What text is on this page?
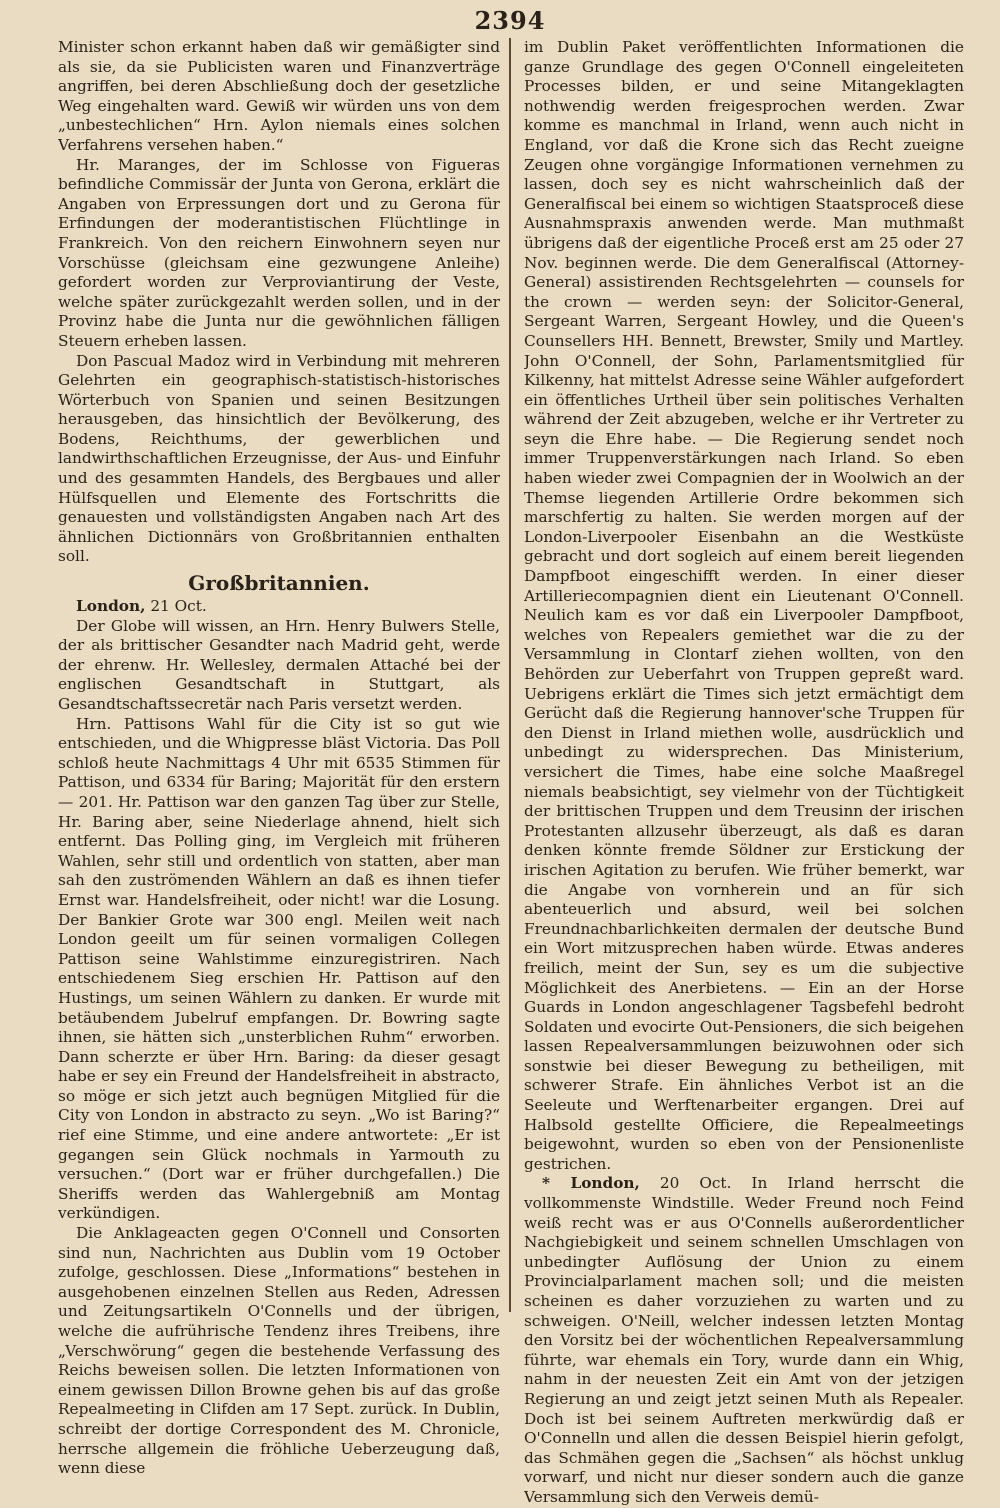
2394

Minister schon erkannt haben daß wir gemäßigter sind als sie, da sie Publicisten waren und Finanzverträge angriffen, bei deren Abschließung doch der gesetzliche Weg eingehalten ward. Gewiß wir würden uns von dem „unbestechlichen“ Hrn. Aylon niemals eines solchen Verfahrens versehen haben.“

Hr. Maranges, der im Schlosse von Figueras befindliche Commissär der Junta von Gerona, erklärt die Angaben von Erpressungen dort und zu Gerona für Erfindungen der moderantistischen Flüchtlinge in Frankreich. Von den reichern Einwohnern seyen nur Vorschüsse (gleichsam eine gezwungene Anleihe) gefordert worden zur Verproviantirung der Veste, welche später zurückgezahlt werden sollen, und in der Provinz habe die Junta nur die gewöhnlichen fälligen Steuern erheben lassen.

Don Pascual Madoz wird in Verbindung mit mehreren Gelehrten ein geographisch-statistisch-historisches Wörterbuch von Spanien und seinen Besitzungen herausgeben, das hinsichtlich der Bevölkerung, des Bodens, Reichthums, der gewerblichen und landwirthschaftlichen Erzeugnisse, der Aus- und Einfuhr und des gesammten Handels, des Bergbaues und aller Hülfsquellen und Elemente des Fortschritts die genauesten und vollständigsten Angaben nach Art des ähnlichen Dictionnärs von Großbritannien enthalten soll.

Großbritannien.

London, 21 Oct.

Der Globe will wissen, an Hrn. Henry Bulwers Stelle, der als brittischer Gesandter nach Madrid geht, werde der ehrenw. Hr. Wellesley, dermalen Attaché bei der englischen Gesandtschaft in Stuttgart, als Gesandtschaftssecretär nach Paris versetzt werden.

Hrn. Pattisons Wahl für die City ist so gut wie entschieden, und die Whigpresse bläst Victoria. Das Poll schloß heute Nachmittags 4 Uhr mit 6535 Stimmen für Pattison, und 6334 für Baring; Majorität für den erstern — 201. Hr. Pattison war den ganzen Tag über zur Stelle, Hr. Baring aber, seine Niederlage ahnend, hielt sich entfernt. Das Polling ging, im Vergleich mit früheren Wahlen, sehr still und ordentlich von statten, aber man sah den zuströmenden Wählern an daß es ihnen tiefer Ernst war. Handelsfreiheit, oder nicht! war die Losung. Der Bankier Grote war 300 engl. Meilen weit nach London geeilt um für seinen vormaligen Collegen Pattison seine Wahlstimme einzuregistriren. Nach entschiedenem Sieg erschien Hr. Pattison auf den Hustings, um seinen Wählern zu danken. Er wurde mit betäubendem Jubelruf empfangen. Dr. Bowring sagte ihnen, sie hätten sich „unsterblichen Ruhm“ erworben. Dann scherzte er über Hrn. Baring: da dieser gesagt habe er sey ein Freund der Handelsfreiheit in abstracto, so möge er sich jetzt auch begnügen Mitglied für die City von London in abstracto zu seyn. „Wo ist Baring?“ rief eine Stimme, und eine andere antwortete: „Er ist gegangen sein Glück nochmals in Yarmouth zu versuchen.“ (Dort war er früher durchgefallen.) Die Sheriffs werden das Wahlergebniß am Montag verkündigen.

Die Anklageacten gegen O'Connell und Consorten sind nun, Nachrichten aus Dublin vom 19 October zufolge, geschlossen. Diese „Informations“ bestehen in ausgehobenen einzelnen Stellen aus Reden, Adressen und Zeitungsartikeln O'Connells und der übrigen, welche die aufrührische Tendenz ihres Treibens, ihre „Verschwörung“ gegen die bestehende Verfassung des Reichs beweisen sollen. Die letzten Informationen von einem gewissen Dillon Browne gehen bis auf das große Repealmeeting in Clifden am 17 Sept. zurück. In Dublin, schreibt der dortige Correspondent des M. Chronicle, herrsche allgemein die fröhliche Ueberzeugung daß, wenn diese

im Dublin Paket veröffentlichten Informationen die ganze Grundlage des gegen O'Connell eingeleiteten Processes bilden, er und seine Mitangeklagten nothwendig werden freigesprochen werden. Zwar komme es manchmal in Irland, wenn auch nicht in England, vor daß die Krone sich das Recht zueigne Zeugen ohne vorgängige Informationen vernehmen zu lassen, doch sey es nicht wahrscheinlich daß der Generalfiscal bei einem so wichtigen Staatsproceß diese Ausnahmspraxis anwenden werde. Man muthmaßt übrigens daß der eigentliche Proceß erst am 25 oder 27 Nov. beginnen werde. Die dem Generalfiscal (Attorney-General) assistirenden Rechtsgelehrten — counsels for the crown — werden seyn: der Solicitor-General, Sergeant Warren, Sergeant Howley, und die Queen's Counsellers HH. Bennett, Brewster, Smily und Martley. John O'Connell, der Sohn, Parlamentsmitglied für Kilkenny, hat mittelst Adresse seine Wähler aufgefordert ein öffentliches Urtheil über sein politisches Verhalten während der Zeit abzugeben, welche er ihr Vertreter zu seyn die Ehre habe. — Die Regierung sendet noch immer Truppenverstärkungen nach Irland. So eben haben wieder zwei Compagnien der in Woolwich an der Themse liegenden Artillerie Ordre bekommen sich marschfertig zu halten. Sie werden morgen auf der London-Liverpooler Eisenbahn an die Westküste gebracht und dort sogleich auf einem bereit liegenden Dampfboot eingeschifft werden. In einer dieser Artilleriecompagnien dient ein Lieutenant O'Connell. Neulich kam es vor daß ein Liverpooler Dampfboot, welches von Repealers gemiethet war die zu der Versammlung in Clontarf ziehen wollten, von den Behörden zur Ueberfahrt von Truppen gepreßt ward. Uebrigens erklärt die Times sich jetzt ermächtigt dem Gerücht daß die Regierung hannover'sche Truppen für den Dienst in Irland miethen wolle, ausdrücklich und unbedingt zu widersprechen. Das Ministerium, versichert die Times, habe eine solche Maaßregel niemals beabsichtigt, sey vielmehr von der Tüchtigkeit der brittischen Truppen und dem Treusinn der irischen Protestanten allzusehr überzeugt, als daß es daran denken könnte fremde Söldner zur Erstickung der irischen Agitation zu berufen. Wie früher bemerkt, war die Angabe von vornherein und an für sich abenteuerlich und absurd, weil bei solchen Freundnachbarlichkeiten dermalen der deutsche Bund ein Wort mitzusprechen haben würde. Etwas anderes freilich, meint der Sun, sey es um die subjective Möglichkeit des Anerbietens. — Ein an der Horse Guards in London angeschlagener Tagsbefehl bedroht Soldaten und evocirte Out-Pensioners, die sich beigehen lassen Repealversammlungen beizuwohnen oder sich sonstwie bei dieser Bewegung zu betheiligen, mit schwerer Strafe. Ein ähnliches Verbot ist an die Seeleute und Werftenarbeiter ergangen. Drei auf Halbsold gestellte Officiere, die Repealmeetings beigewohnt, wurden so eben von der Pensionenliste gestrichen.

* London, 20 Oct. In Irland herrscht die vollkommenste Windstille. Weder Freund noch Feind weiß recht was er aus O'Connells außerordentlicher Nachgiebigkeit und seinem schnellen Umschlagen von unbedingter Auflösung der Union zu einem Provincialparlament machen soll; und die meisten scheinen es daher vorzuziehen zu warten und zu schweigen. O'Neill, welcher indessen letzten Montag den Vorsitz bei der wöchentlichen Repealversammlung führte, war ehemals ein Tory, wurde dann ein Whig, nahm in der neuesten Zeit ein Amt von der jetzigen Regierung an und zeigt jetzt seinen Muth als Repealer. Doch ist bei seinem Auftreten merkwürdig daß er O'Connelln und allen die dessen Beispiel hierin gefolgt, das Schmähen gegen die „Sachsen“ als höchst unklug vorwarf, und nicht nur dieser sondern auch die ganze Versammlung sich den Verweis demü-
